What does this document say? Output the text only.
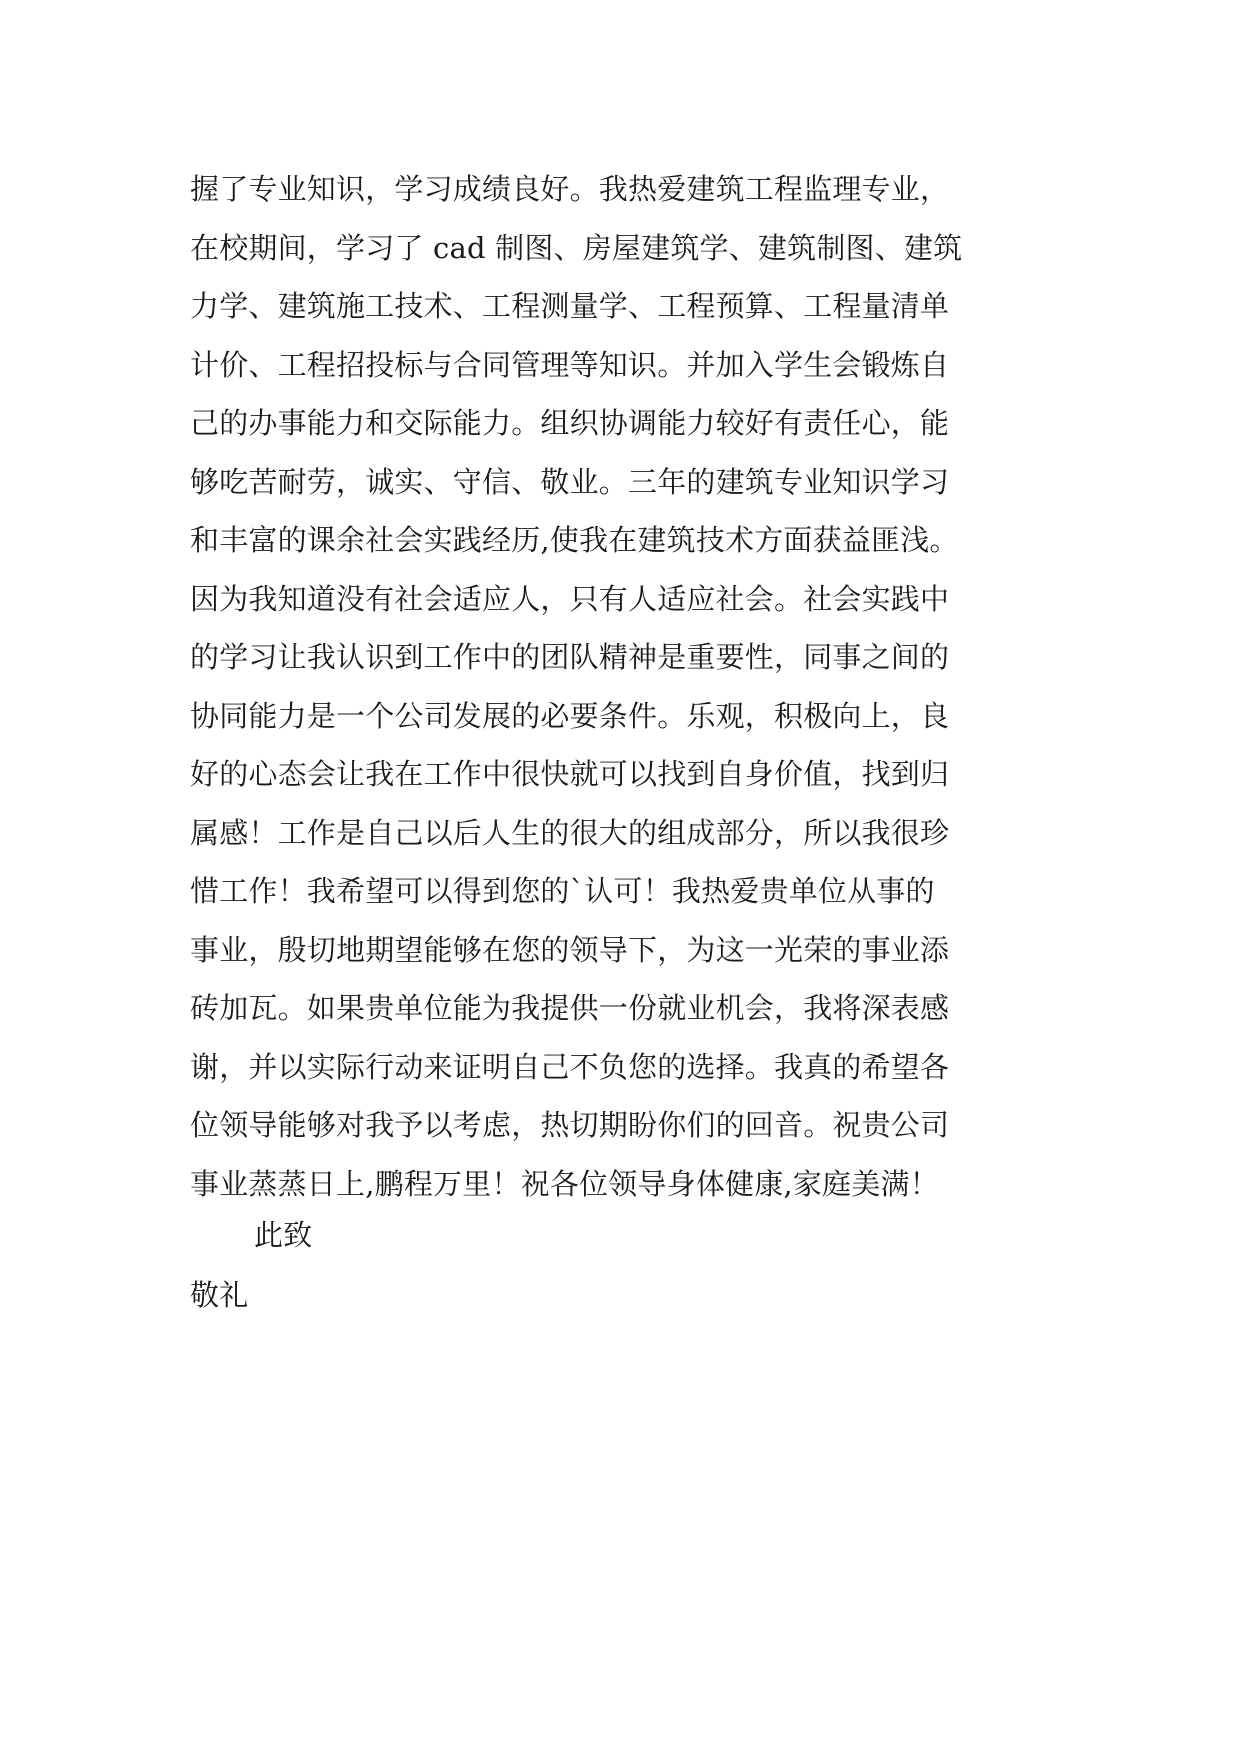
握了专业知识，学习成绩良好。我热爱建筑工程监理专业，
在校期间，学习了 cad 制图、房屋建筑学、建筑制图、建筑
力学、建筑施工技术、工程测量学、工程预算、工程量清单
计价、工程招投标与合同管理等知识。并加入学生会锻炼自
己的办事能力和交际能力。组织协调能力较好有责任心，能
够吃苦耐劳，诚实、守信、敬业。三年的建筑专业知识学习
和丰富的课余社会实践经历,使我在建筑技术方面获益匪浅。
因为我知道没有社会适应人，只有人适应社会。社会实践中
的学习让我认识到工作中的团队精神是重要性，同事之间的
协同能力是一个公司发展的必要条件。乐观，积极向上，良
好的心态会让我在工作中很快就可以找到自身价值，找到归
属感！工作是自己以后人生的很大的组成部分，所以我很珍
惜工作！我希望可以得到您的`认可！我热爱贵单位从事的
事业，殷切地期望能够在您的领导下，为这一光荣的事业添
砖加瓦。如果贵单位能为我提供一份就业机会，我将深表感
谢，并以实际行动来证明自己不负您的选择。我真的希望各
位领导能够对我予以考虑，热切期盼你们的回音。祝贵公司
事业蒸蒸日上,鹏程万里！祝各位领导身体健康,家庭美满！
此致
敬礼
